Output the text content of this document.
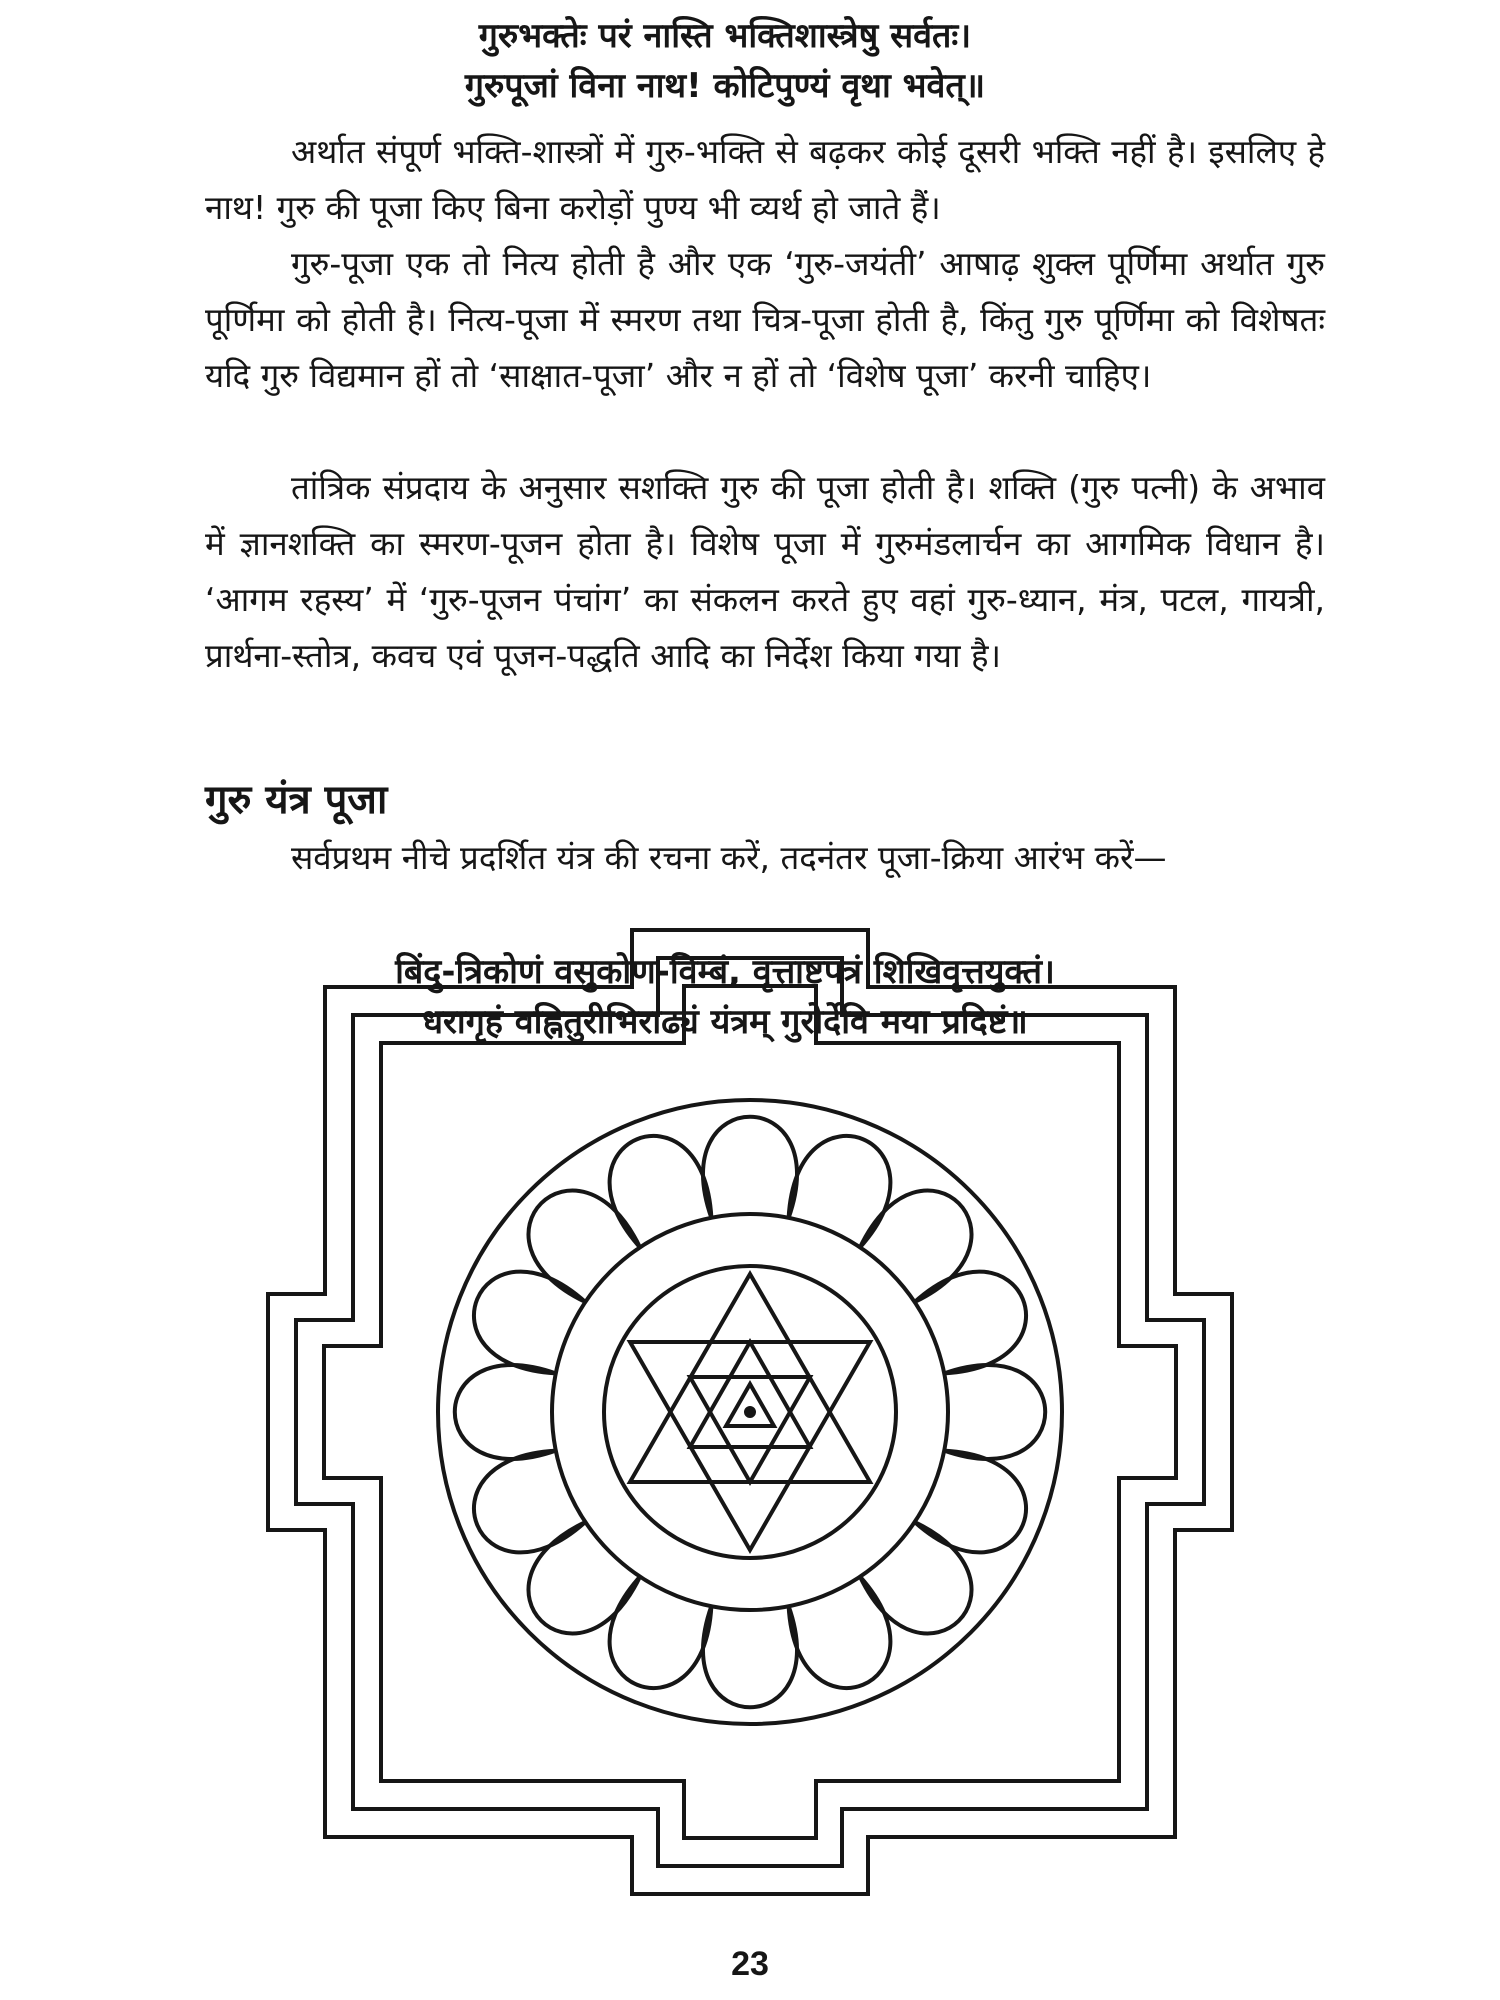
गुरुभक्तेः परं नास्ति भक्तिशास्त्रेषु सर्वतः।
गुरुपूजां विना नाथ! कोटिपुण्यं वृथा भवेत्॥

अर्थात संपूर्ण भक्ति-शास्त्रों में गुरु-भक्ति से बढ़कर कोई दूसरी भक्ति नहीं है। इसलिए हे नाथ! गुरु की पूजा किए बिना करोड़ों पुण्य भी व्यर्थ हो जाते हैं।

गुरु-पूजा एक तो नित्य होती है और एक ‘गुरु-जयंती’ आषाढ़ शुक्ल पूर्णिमा अर्थात गुरु पूर्णिमा को होती है। नित्य-पूजा में स्मरण तथा चित्र-पूजा होती है, किंतु गुरु पूर्णिमा को विशेषतः यदि गुरु विद्यमान हों तो ‘साक्षात-पूजा’ और न हों तो ‘विशेष पूजा’ करनी चाहिए।

तांत्रिक संप्रदाय के अनुसार सशक्ति गुरु की पूजा होती है। शक्ति (गुरु पत्नी) के अभाव में ज्ञानशक्ति का स्मरण-पूजन होता है। विशेष पूजा में गुरुमंडलार्चन का आगमिक विधान है। ‘आगम रहस्य’ में ‘गुरु-पूजन पंचांग’ का संकलन करते हुए वहां गुरु-ध्यान, मंत्र, पटल, गायत्री, प्रार्थना-स्तोत्र, कवच एवं पूजन-पद्धति आदि का निर्देश किया गया है।

गुरु यंत्र पूजा

सर्वप्रथम नीचे प्रदर्शित यंत्र की रचना करें, तदनंतर पूजा-क्रिया आरंभ करें—

बिंदु-त्रिकोणं वसुकोण-विम्बं, वृत्ताष्टपत्रं शिखिवृत्तयुक्तं।
धरागृहं वह्नितुरीभिराढ्यं यंत्रम् गुरोर्देवि मया प्रदिष्टं॥
23
